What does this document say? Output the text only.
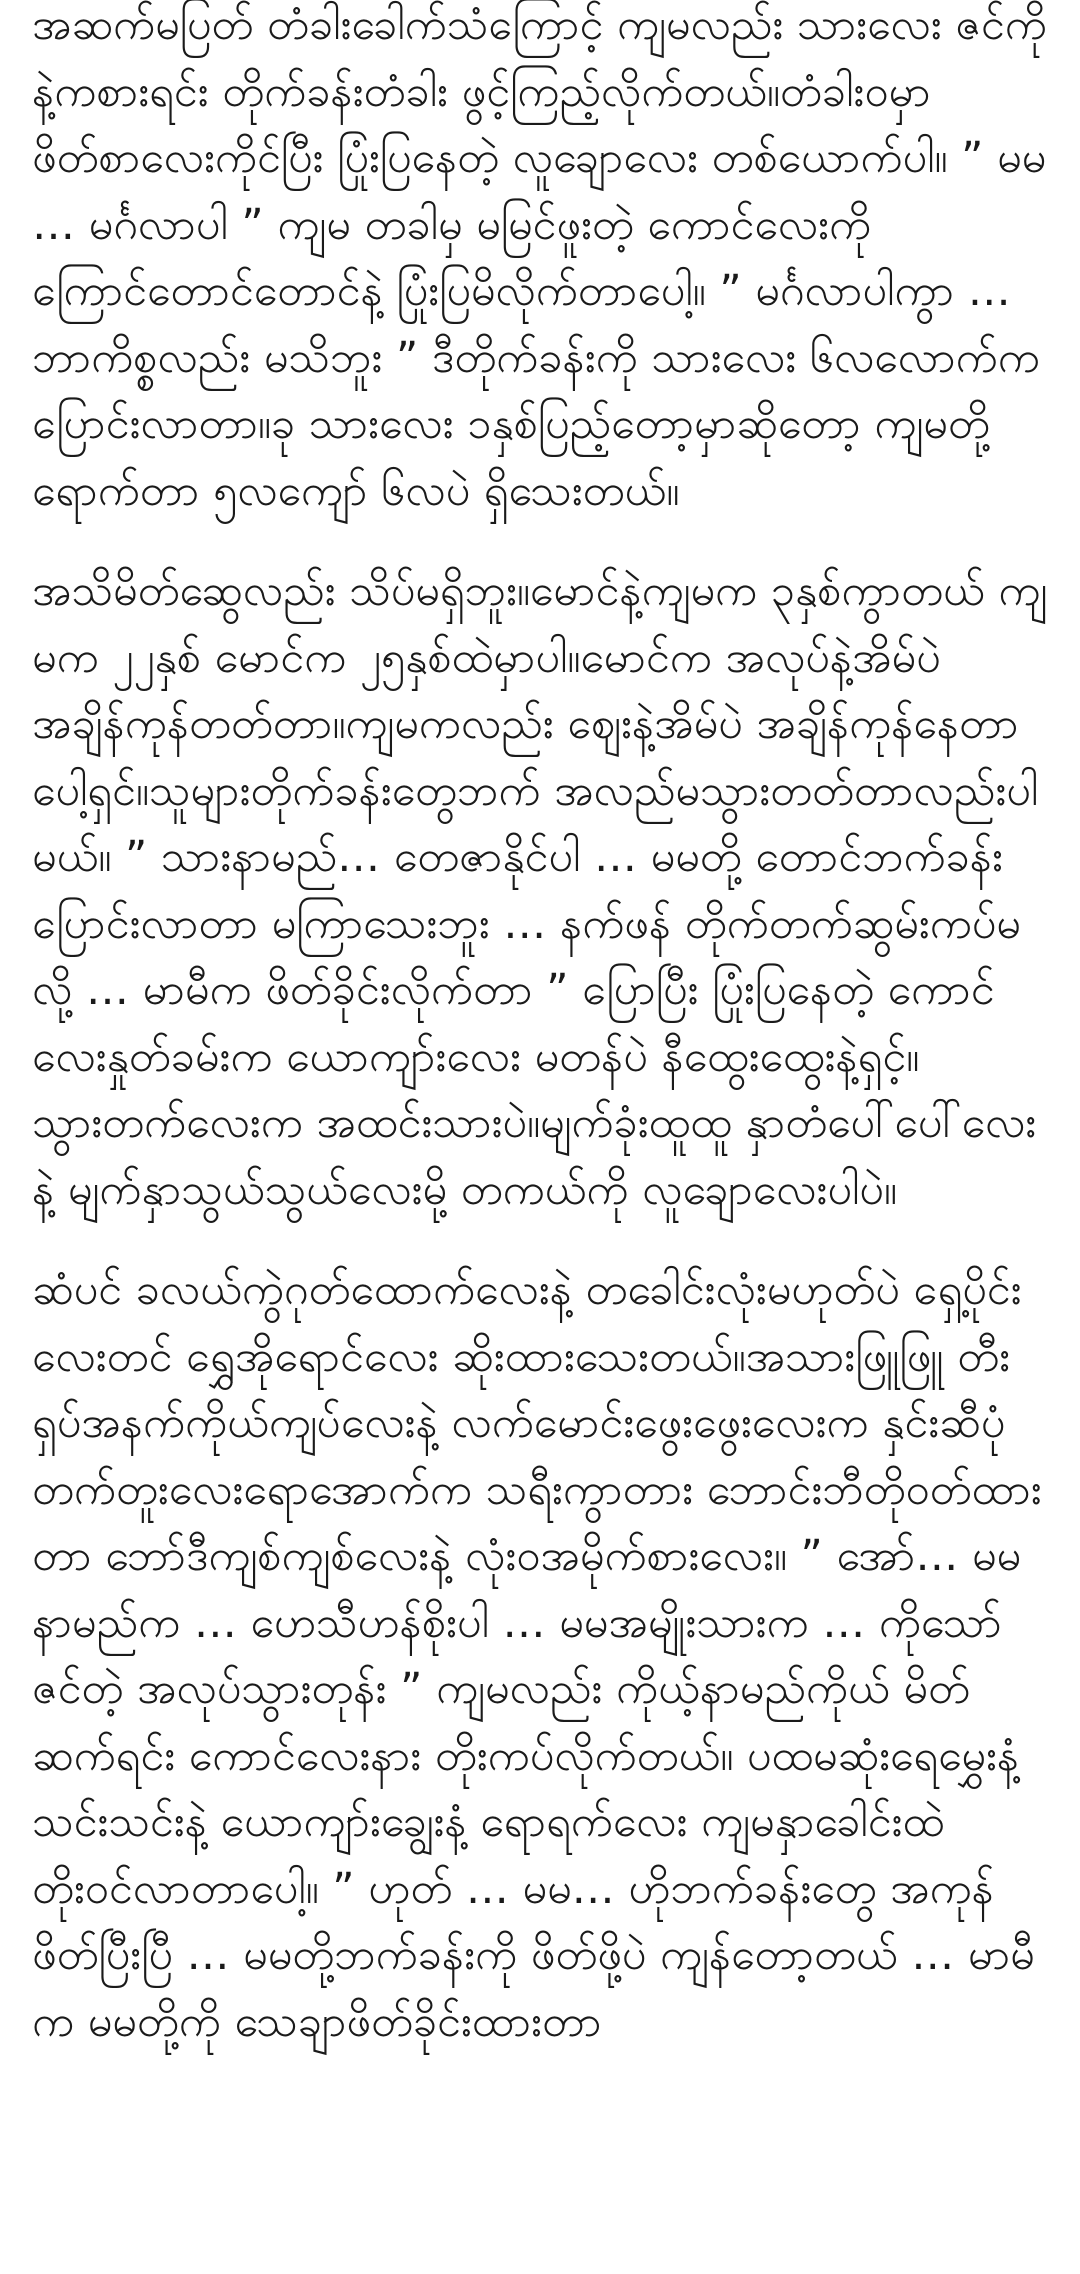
အဆက်မပြတ် တံခါးခေါက်သံကြောင့် ကျမလည်း သားလေး ဇင်ကိုနဲ့ကစားရင်း တိုက်ခန်းတံခါး ဖွင့်ကြည့်လိုက်တယ်။တံခါးဝမှာ ဖိတ်စာလေးကိုင်ပြီး ပြုံးပြနေတဲ့ လူချောလေး တစ်ယောက်ပါ။ ” မမ … မင်္ဂလာပါ ” ကျမ တခါမှ မမြင်ဖူးတဲ့ ကောင်လေးကို ကြောင်တောင်တောင်နဲ့ ပြုံးပြမိလိုက်တာပေါ့။ ” မင်္ဂလာပါကွာ … ဘာကိစ္စလည်း မသိဘူး ” ဒီတိုက်ခန်းကို သားလေး ၆လလောက်က ပြောင်းလာတာ။ခု သားလေး ၁နှစ်ပြည့်တော့မှာဆိုတော့ ကျမတို့ ရောက်တာ ၅လကျော် ၆လပဲ ရှိသေးတယ်။

အသိမိတ်ဆွေလည်း သိပ်မရှိဘူး။မောင်နဲ့ကျမက ၃နှစ်ကွာတယ် ကျမက ၂၂နှစ် မောင်က ၂၅နှစ်ထဲမှာပါ။မောင်က အလုပ်နဲ့အိမ်ပဲ အချိန်ကုန်တတ်တာ။ကျမကလည်း ဈေးနဲ့အိမ်ပဲ အချိန်ကုန်နေတာပေါ့ရှင်။သူများတိုက်ခန်းတွေဘက် အလည်မသွားတတ်တာလည်းပါမယ်။ ” သားနာမည်… တေဇာနိုင်ပါ … မမတို့ တောင်ဘက်ခန်း ပြောင်းလာတာ မကြာသေးဘူး … နက်ဖန် တိုက်တက်ဆွမ်းကပ်မလို့ … မာမီက ဖိတ်ခိုင်းလိုက်တာ ” ပြောပြီး ပြုံးပြနေတဲ့ ကောင်လေးနှုတ်ခမ်းက ယောကျာ်းလေး မတန်ပဲ နီထွေးထွေးနဲ့ရှင့်။သွားတက်လေးက အထင်းသားပဲ။မျက်ခုံးထူထူ နှာတံပေါ်ပေါ်လေးနဲ့ မျက်နှာသွယ်သွယ်လေးမို့ တကယ်ကို လူချောလေးပါပဲ။

ဆံပင် ခလယ်ကွဲဂုတ်ထောက်လေးနဲ့ တခေါင်းလုံးမဟုတ်ပဲ ရှေ့ပိုင်းလေးတင် ရွှေအိုရောင်လေး ဆိုးထားသေးတယ်။အသားဖြူဖြူ တီးရှပ်အနက်ကိုယ်ကျပ်လေးနဲ့ လက်မောင်းဖွေးဖွေးလေးက နှင်းဆီပုံတက်တူးလေးရောအောက်က သရီးကွာတား ဘောင်းဘီတိုဝတ်ထားတာ ဘော်ဒီကျစ်ကျစ်လေးနဲ့ လုံးဝအမိုက်စားလေး။ ” အော်… မမနာမည်က … ဟေသီဟန်စိုးပါ … မမအမျိုးသားက … ကိုသော်ဇင်တဲ့ အလုပ်သွားတုန်း ” ကျမလည်း ကိုယ့်နာမည်ကိုယ် မိတ်ဆက်ရင်း ကောင်လေးနား တိုးကပ်လိုက်တယ်။ ပထမဆုံးရေမွှေးနံ့သင်းသင်းနဲ့ ယောကျာ်းချွေးနံ့ ရောရက်လေး ကျမနှာခေါင်းထဲ တိုးဝင်လာတာပေါ့။ ” ဟုတ် … မမ… ဟိုဘက်ခန်းတွေ အကုန်ဖိတ်ပြီးပြီ … မမတို့ဘက်ခန်းကို ဖိတ်ဖို့ပဲ ကျန်တော့တယ် … မာမီက မမတို့ကို သေချာဖိတ်ခိုင်းထားတာ
